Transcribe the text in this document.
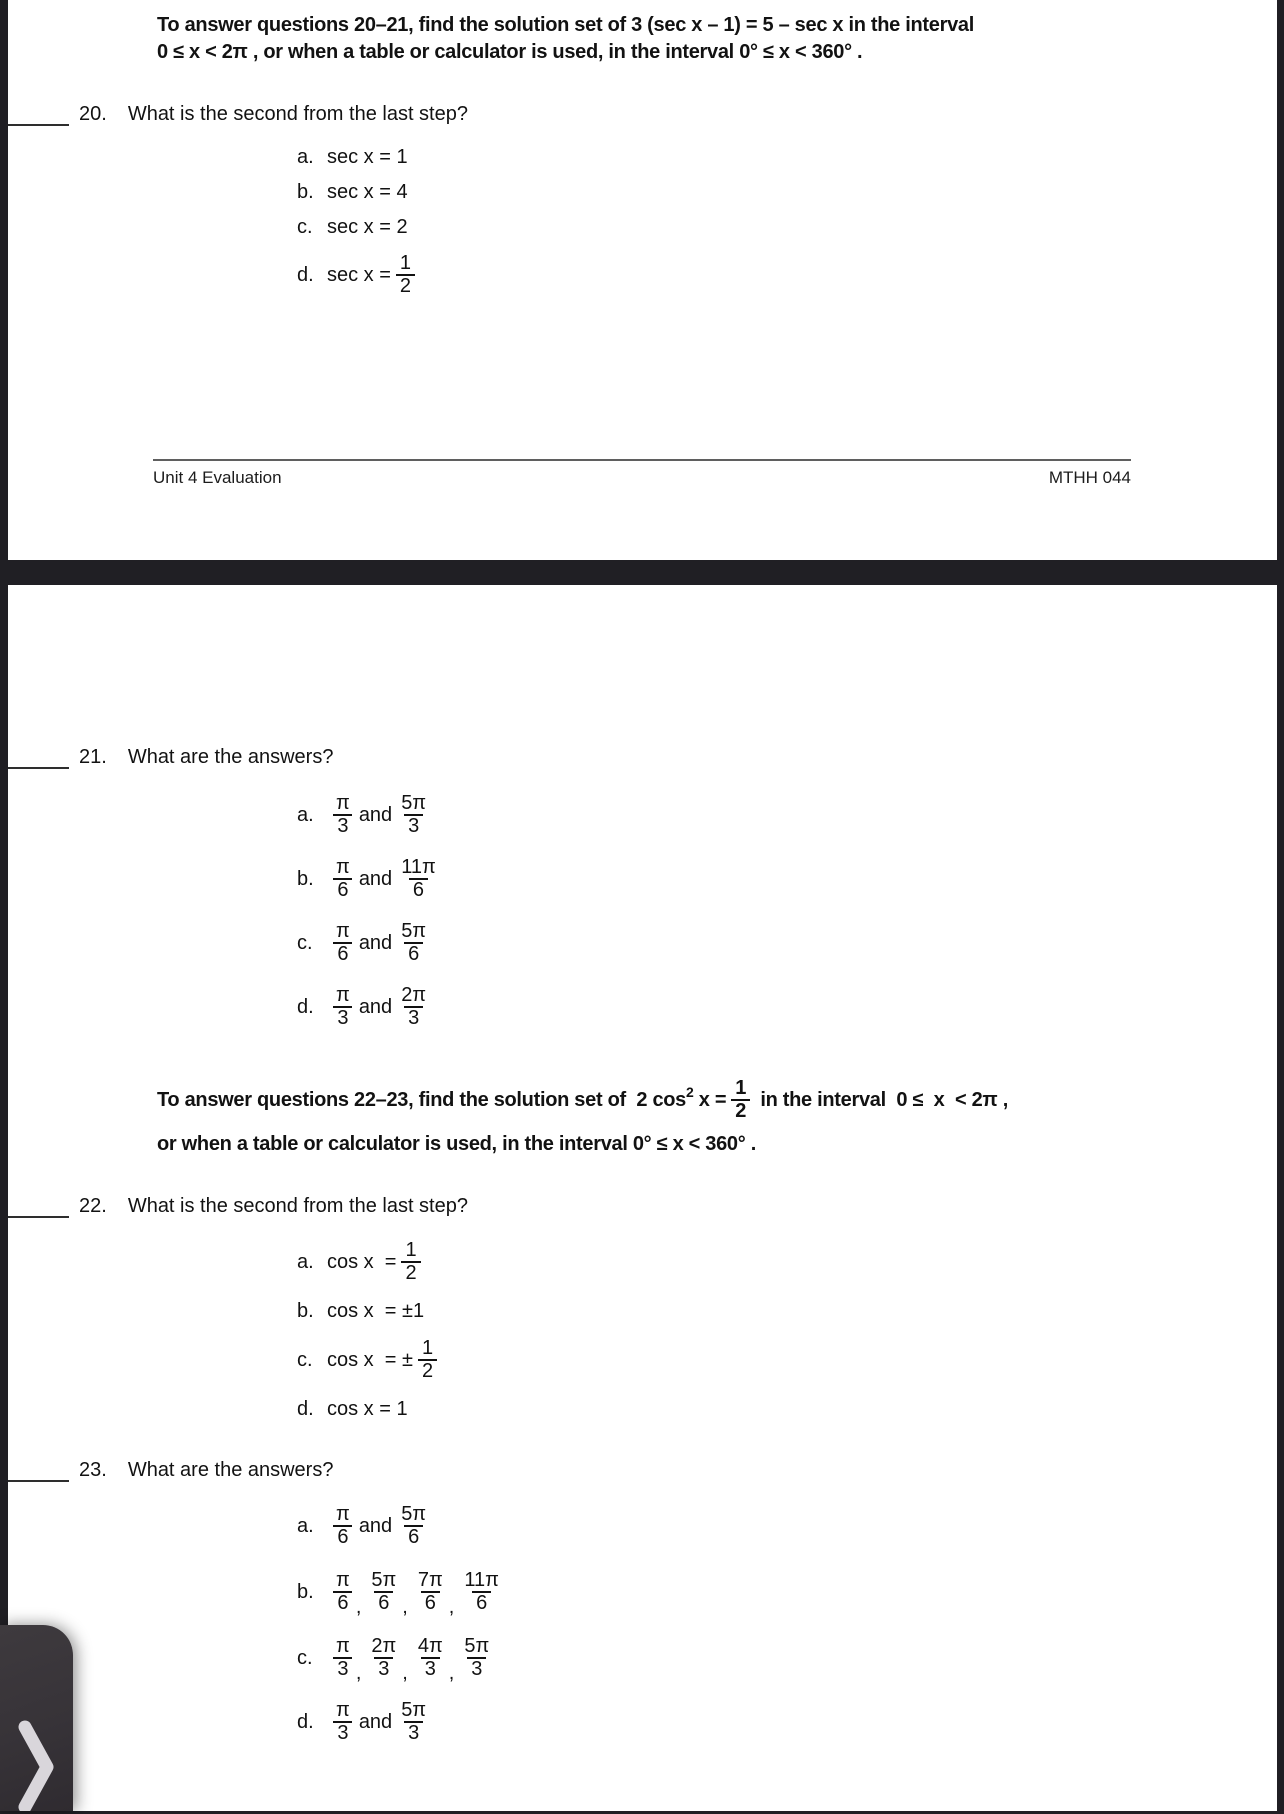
To answer questions 20–21, find the solution set of 3 (sec x – 1) = 5 – sec x in the interval
0 ≤ x < 2π , or when a table or calculator is used, in the interval 0° ≤ x < 360° .
20. What is the second from the last step?
a. sec x = 1
b. sec x = 4
c. sec x = 2
d. $\sec x = \frac{1}{2}$
Unit 4 Evaluation	MTHH 044
21. What are the answers?
a. $\frac{\pi}{3}$ and $\frac{5\pi}{3}$
b. $\frac{\pi}{6}$ and $\frac{11\pi}{6}$
c. $\frac{\pi}{6}$ and $\frac{5\pi}{6}$
d. $\frac{\pi}{3}$ and $\frac{2\pi}{3}$
To answer questions 22–23, find the solution set of  2 cos 2 $x = \frac{1}{2}$ in the interval  0 ≤  x  < 2π ,
or when a table or calculator is used, in the interval 0° ≤ x < 360° .
22. What is the second from the last step?
a. $\cos x = \frac{1}{2}$
b. cos x  = ±1
c. cos x  = ± $\frac{1}{2}$
d. cos x = 1
23. What are the answers?
a. $\frac{\pi}{6}$ and $\frac{5\pi}{6}$
b. $\frac{\pi}{6}$ , $\frac{5\pi}{6}$ , $\frac{7\pi}{6}$ , $\frac{11\pi}{6}$
c. $\frac{\pi}{3}$ , $\frac{2\pi}{3}$ , $\frac{4\pi}{3}$ , $\frac{5\pi}{3}$
d. $\frac{\pi}{3}$ and $\frac{5\pi}{3}$
